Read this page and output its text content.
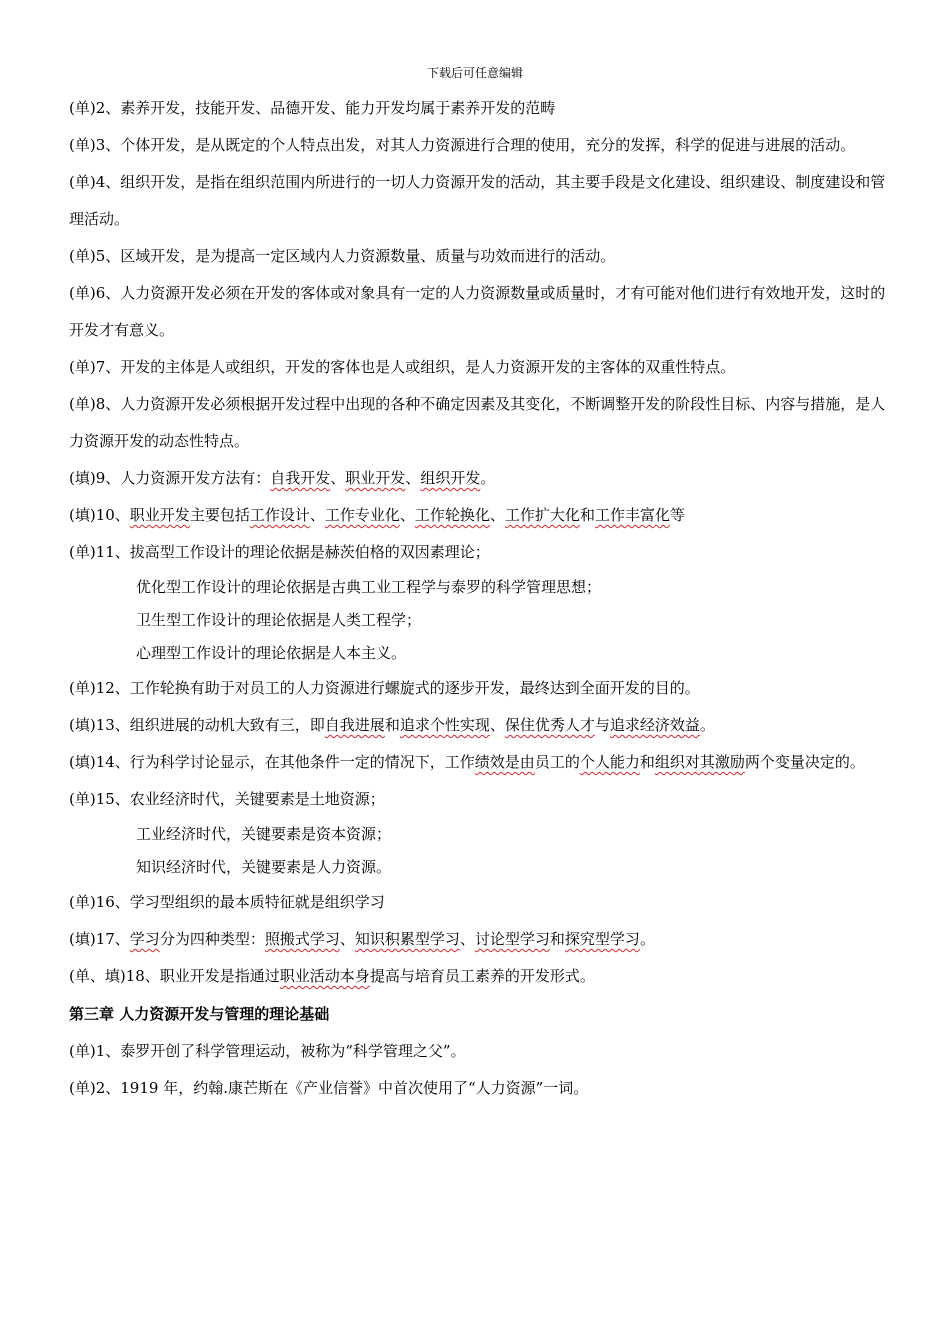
下载后可任意编辑

(单)2、素养开发，技能开发、品德开发、能力开发均属于素养开发的范畴

(单)3、个体开发，是从既定的个人特点出发，对其人力资源进行合理的使用，充分的发挥，科学的促进与进展的活动。

(单)4、组织开发，是指在组织范围内所进行的一切人力资源开发的活动，其主要手段是文化建设、组织建设、制度建设和管理活动。

(单)5、区域开发，是为提高一定区域内人力资源数量、质量与功效而进行的活动。

(单)6、人力资源开发必须在开发的客体或对象具有一定的人力资源数量或质量时，才有可能对他们进行有效地开发，这时的开发才有意义。

(单)7、开发的主体是人或组织，开发的客体也是人或组织，是人力资源开发的主客体的双重性特点。

(单)8、人力资源开发必须根据开发过程中出现的各种不确定因素及其变化，不断调整开发的阶段性目标、内容与措施，是人力资源开发的动态性特点。

(填)9、人力资源开发方法有：自我开发、职业开发、组织开发。

(填)10、职业开发主要包括工作设计、工作专业化、工作轮换化、工作扩大化和工作丰富化等

(单)11、拔高型工作设计的理论依据是赫茨伯格的双因素理论；
优化型工作设计的理论依据是古典工业工程学与泰罗的科学管理思想；
卫生型工作设计的理论依据是人类工程学；
心理型工作设计的理论依据是人本主义。

(单)12、工作轮换有助于对员工的人力资源进行螺旋式的逐步开发，最终达到全面开发的目的。

(填)13、组织进展的动机大致有三，即自我进展和追求个性实现、保住优秀人才与追求经济效益。

(填)14、行为科学讨论显示，在其他条件一定的情况下，工作绩效是由员工的个人能力和组织对其激励两个变量决定的。

(单)15、农业经济时代，关键要素是土地资源；
工业经济时代，关键要素是资本资源；
知识经济时代，关键要素是人力资源。

(单)16、学习型组织的最本质特征就是组织学习

(填)17、学习分为四种类型：照搬式学习、知识积累型学习、讨论型学习和探究型学习。

(单、填)18、职业开发是指通过职业活动本身提高与培育员工素养的开发形式。

第三章 人力资源开发与管理的理论基础

(单)1、泰罗开创了科学管理运动，被称为“科学管理之父”。

(单)2、1919 年，约翰.康芒斯在《产业信誉》中首次使用了“人力资源”一词。
